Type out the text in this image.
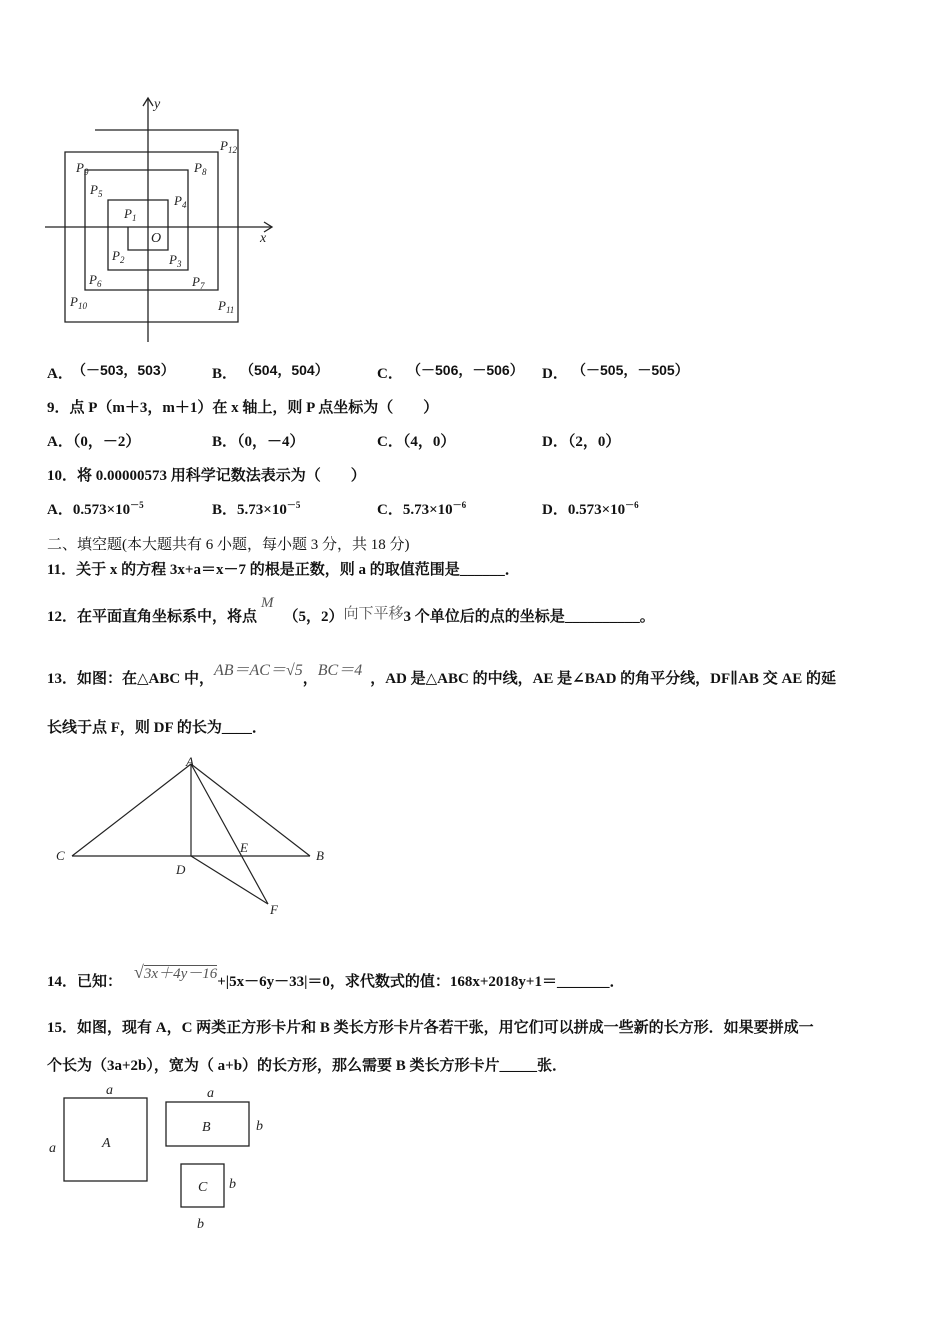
y
x
O
$P_1$
$P_2$	$P_3$
$P_4$
$P_5$
$P_6$	$P_7$
$P_8$
$P_9$
$P_{10}$	$P_{11}$
$P_{12}$
A． （－503，503） B． （504，504）	C． （－506，－506） D． （－505，－505）
9．点 P（m＋3，m＋1）在 x 轴上，则 P 点坐标为（　　）
A．（0，－2）	B．（0，－4）	C．（4，0）	D．（2，0）
10．将 0.00000573 用科学记数法表示为（　　）
A．$0.573\times 10^{-5}$	B．$5.73\times 10^{-5}$	C．$5.73\times 10^{-6}$	D．$0.573\times 10^{-6}$
二、填空题(本大题共有 6 小题，每小题 3 分，共 18 分)
11．关于 x 的方程 3x+a＝x－7 的根是正数，则 a 的取值范围是______．
12．在平面直角坐标系中，将点M（5，2）向下平移3 个单位后的点的坐标是__________。
13．如图：在△ABC 中，AB＝AC＝√5，BC＝4 ，AD 是△ABC 的中线，AE 是∠BAD 的角平分线，DF∥AB 交 AE 的延
长线于点 F，则 DF 的长为____．
A
C
D
E
B
F
14．已知： √3x＋4y－16+|5x－6y－33|＝0，求代数式的值：168x+2018y+1＝_______．
15．如图，现有 A，C 两类正方形卡片和 B 类长方形卡片各若干张，用它们可以拼成一些新的长方形．如果要拼成一
个长为（3a+2b），宽为（ a+b）的长方形，那么需要 B 类长方形卡片_____张．
A
B
C
a
a
a
b
b
b
